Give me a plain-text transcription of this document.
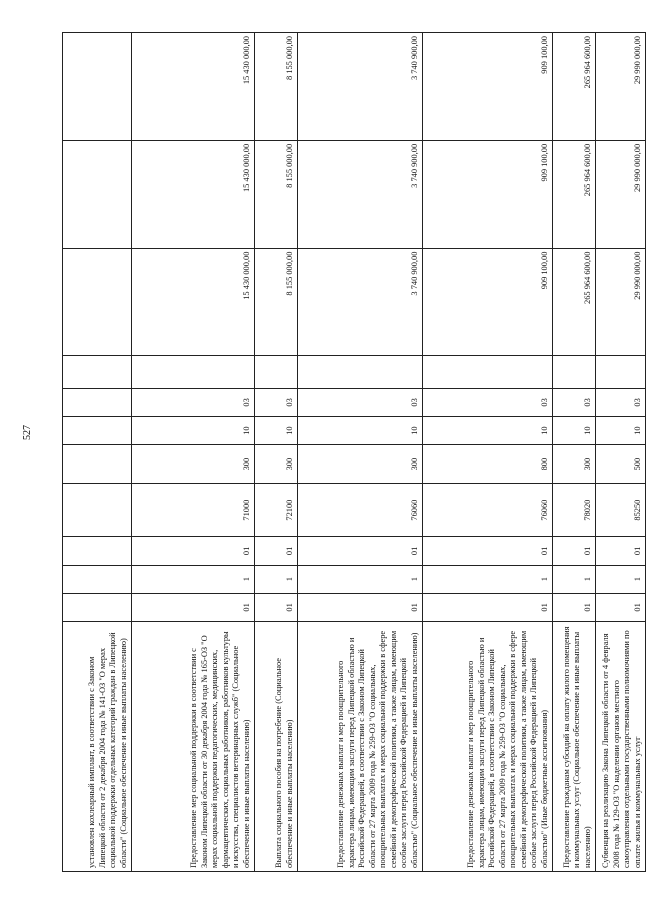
527
установлен кохлеарный имплант, в соответствии с Законом Липецкой области от 2 декабря 2004 года № 141-ОЗ "О мерах социальной поддержки отдельных категорий граждан в Липецкой области" (Социальное обеспечение и иные выплаты населению)											
Предоставление мер социальной поддержки в соответствии с Законом Липецкой области от 30 декабря 2004 года № 165-ОЗ "О мерах социальной поддержки педагогических, медицинских, фармацевтических, социальных работников, работников культуры и искусства, специалистов ветеринарных служб" (Социальное обеспечение и иные выплаты населению)	01	1	01	71000	300	10	03		15 430 000,00	15 430 000,00	15 430 000,00
Выплата социального пособия на погребение (Социальное обеспечение и иные выплаты населению)	01	1	01	72100	300	10	03		8 155 000,00	8 155 000,00	8 155 000,00
Предоставление денежных выплат и мер поощрительного характера лицам, имеющим заслуги перед Липецкой областью и Российской Федерацией, в соответствии с Законом Липецкой области от 27 марта 2009 года № 259-ОЗ "О социальных, поощрительных выплатах и мерах социальной поддержки в сфере семейной и демографической политики, а также лицам, имеющим особые заслуги перед Российской Федерацией и Липецкой областью" (Социальное обеспечение и иные выплаты населению)	01	1	01	76060	300	10	03		3 740 900,00	3 740 900,00	3 740 900,00
Предоставление денежных выплат и мер поощрительного характера лицам, имеющим заслуги перед Липецкой областью и Российской Федерацией, в соответствии с Законом Липецкой области от 27 марта 2009 года № 259-ОЗ "О социальных, поощрительных выплатах и мерах социальной поддержки в сфере семейной и демографической политики, а также лицам, имеющим особые заслуги перед Российской Федерацией и Липецкой областью" (Иные бюджетные ассигнования)	01	1	01	76060	800	10	03		909 100,00	909 100,00	909 100,00
Предоставление гражданам субсидий на оплату жилого помещения и коммунальных услуг (Социальное обеспечение и иные выплаты населению)	01	1	01	78020	300	10	03		265 964 600,00	265 964 600,00	265 964 600,00
Субвенция на реализацию Закона Липецкой области от 4 февраля 2008 года № 129-ОЗ "О наделении органов местного самоуправления отдельными государственными полномочиями по оплате жилья и коммунальных услуг	01	1	01	85250	500	10	03		29 990 000,00	29 990 000,00	29 990 000,00
